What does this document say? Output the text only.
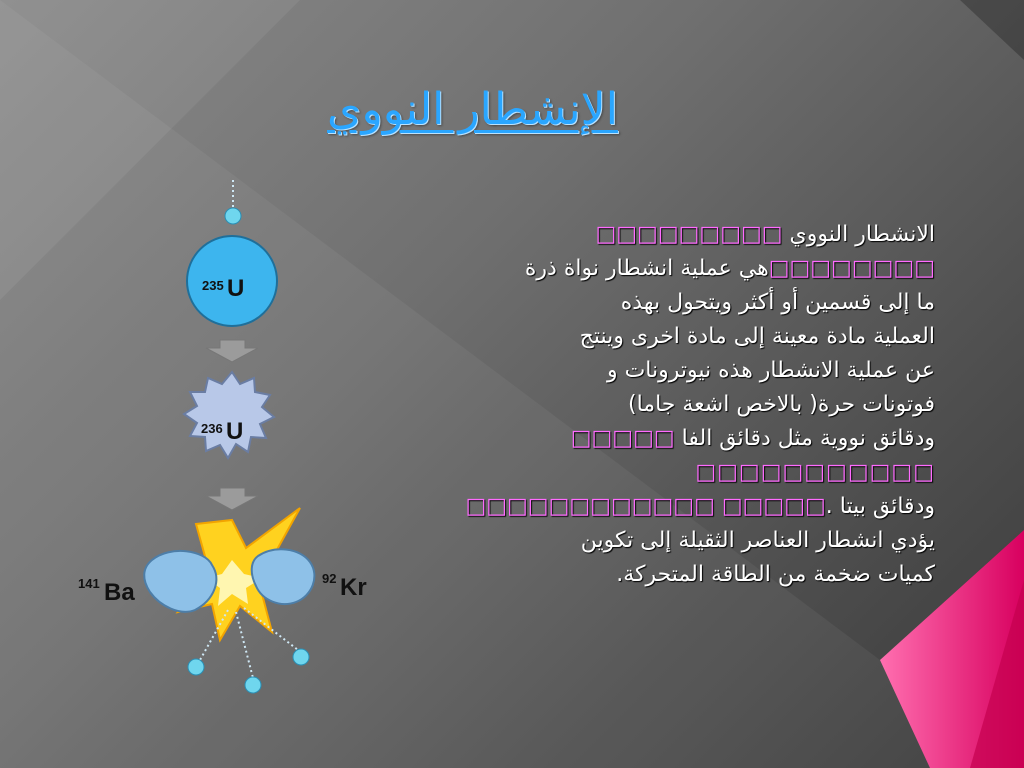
الإنشطار النووي
235 U
236 U
141 Ba
92 Kr
الانشطار النووي □□□□□□□□□
□□□□□□□□هي عملية انشطار نواة ذرة
ما إلى قسمين أو أكثر ويتحول بهذه
العملية مادة معينة إلى مادة اخرى وينتج
عن عملية الانشطار هذه نيوترونات و
فوتونات حرة( بالاخص اشعة جاما)
ودقائق نووية مثل دقائق الفا □□□□□
□□□□□□□□□□□
ودقائق بيتا .□□□□□ □□□□□□□□□□□□
يؤدي انشطار العناصر الثقيلة إلى تكوين
كميات ضخمة من الطاقة المتحركة.
